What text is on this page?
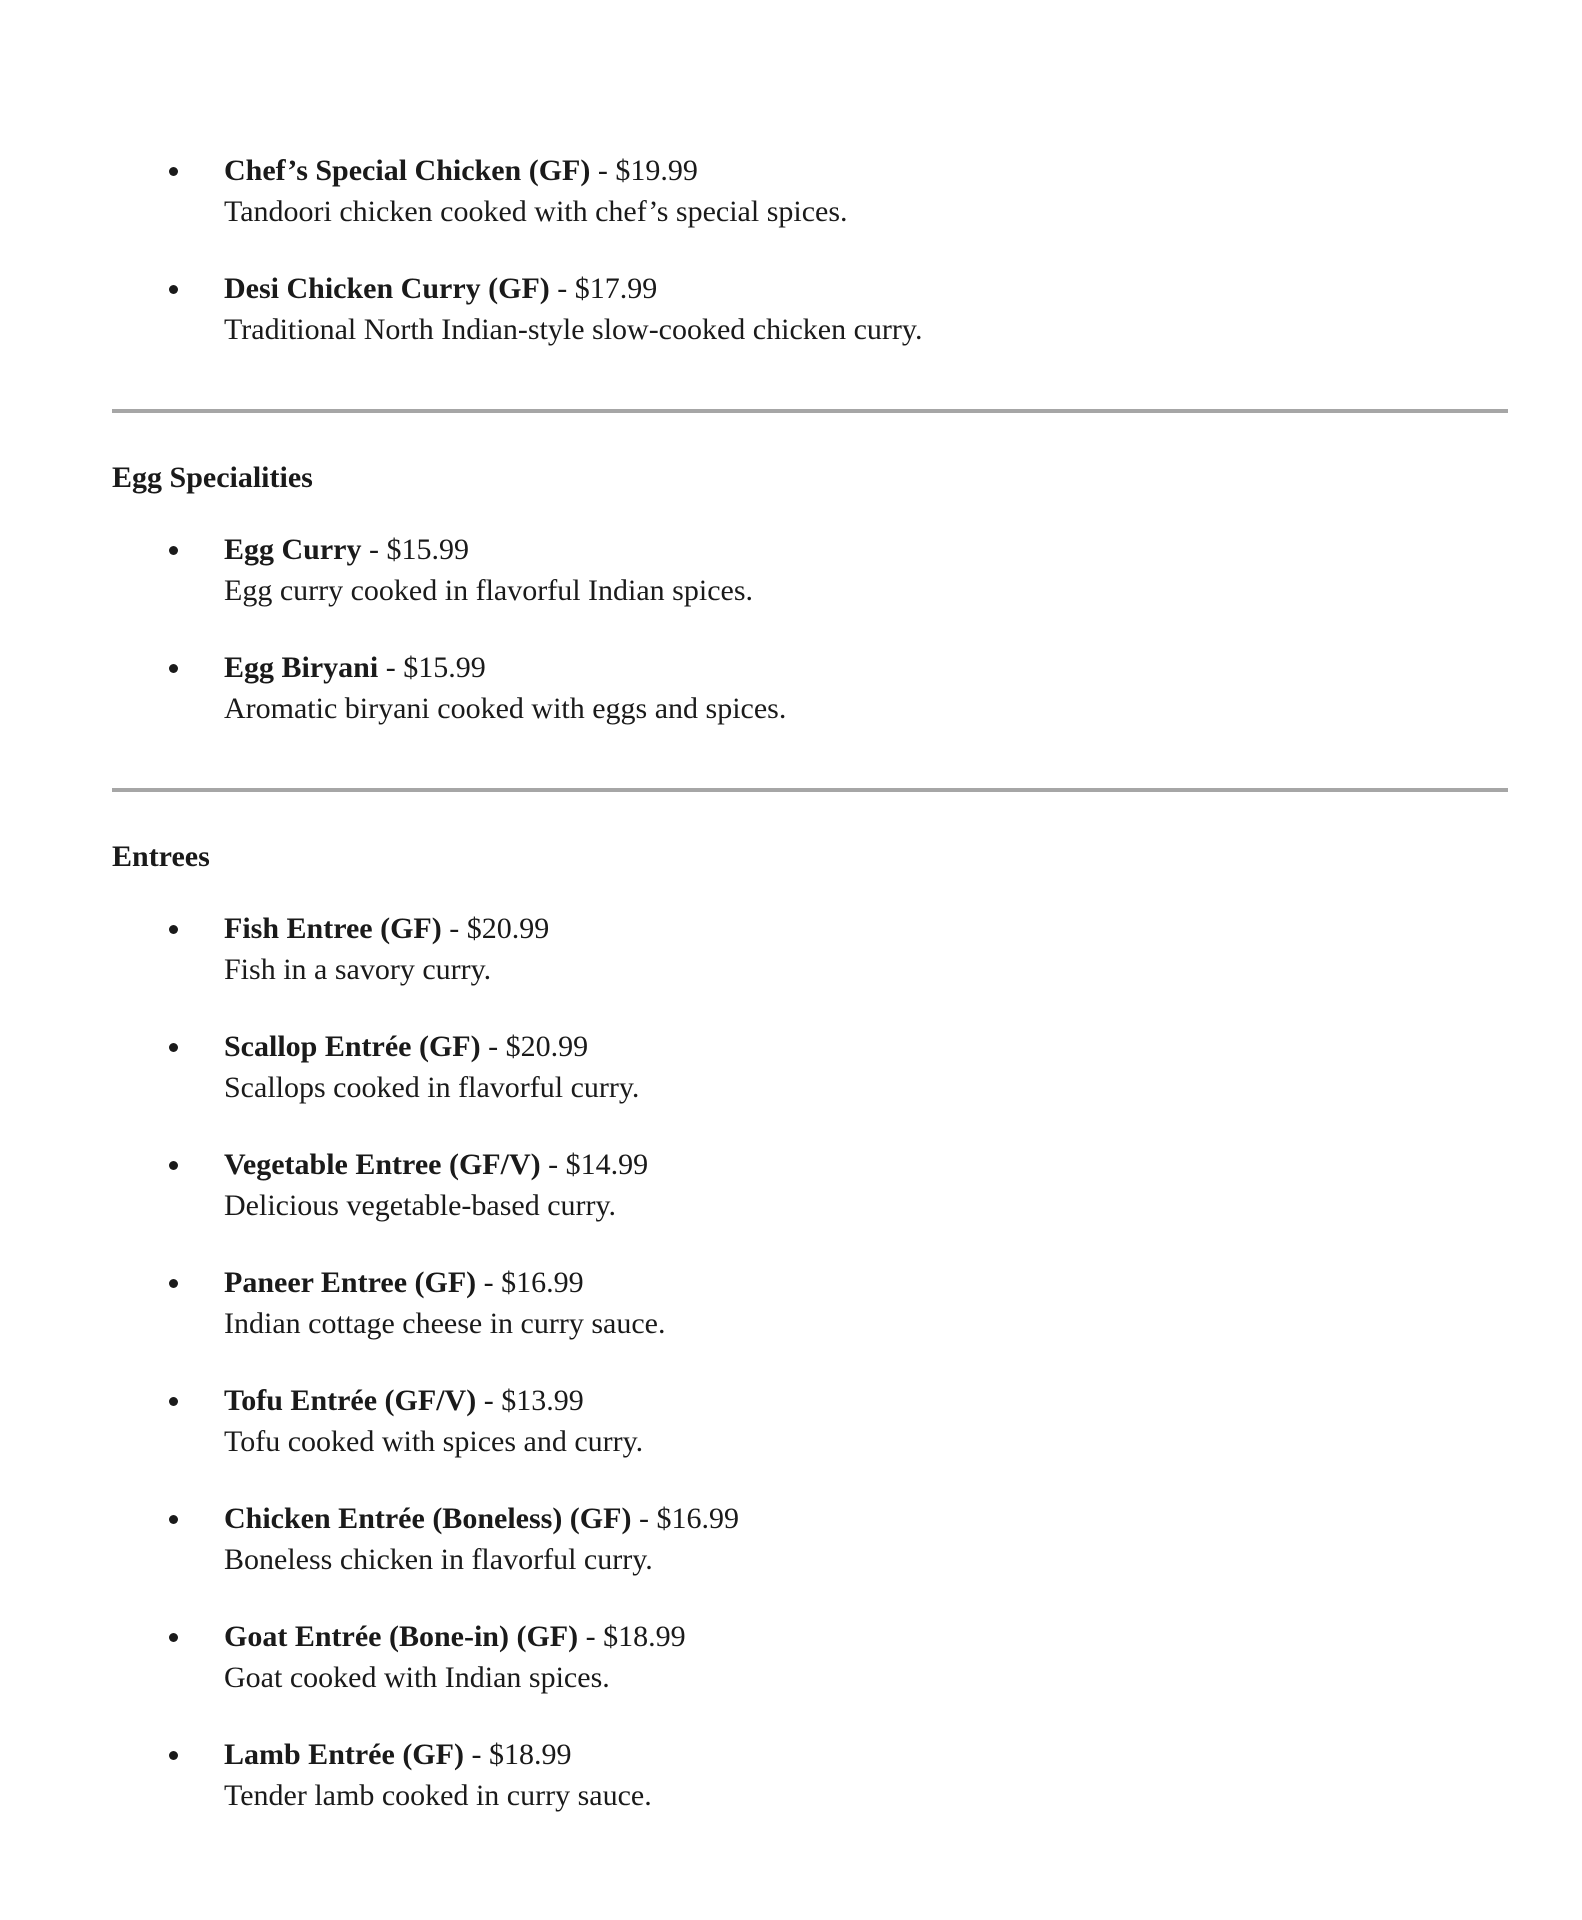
Chef’s Special Chicken (GF) - $19.99
Tandoori chicken cooked with chef’s special spices.
Desi Chicken Curry (GF) - $17.99
Traditional North Indian-style slow-cooked chicken curry.
Egg Specialities
Egg Curry - $15.99
Egg curry cooked in flavorful Indian spices.
Egg Biryani - $15.99
Aromatic biryani cooked with eggs and spices.
Entrees
Fish Entree (GF) - $20.99
Fish in a savory curry.
Scallop Entrée (GF) - $20.99
Scallops cooked in flavorful curry.
Vegetable Entree (GF/V) - $14.99
Delicious vegetable-based curry.
Paneer Entree (GF) - $16.99
Indian cottage cheese in curry sauce.
Tofu Entrée (GF/V) - $13.99
Tofu cooked with spices and curry.
Chicken Entrée (Boneless) (GF) - $16.99
Boneless chicken in flavorful curry.
Goat Entrée (Bone-in) (GF) - $18.99
Goat cooked with Indian spices.
Lamb Entrée (GF) - $18.99
Tender lamb cooked in curry sauce.
